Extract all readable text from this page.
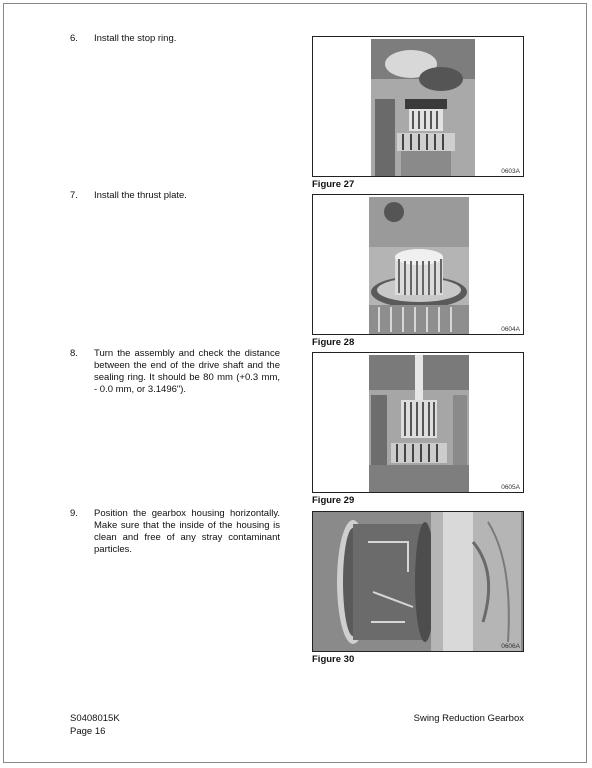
6. Install the stop ring.
7. Install the thrust plate.
8. Turn the assembly and check the distance between the end of the drive shaft and the sealing ring. It should be 80 mm (+0.3 mm, - 0.0 mm, or 3.1496").
9. Position the gearbox housing horizontally. Make sure that the inside of the housing is clean and free of any stray contaminant particles.
0603A
Figure 27
0604A
Figure 28
0605A
Figure 29
0606A
Figure 30
S0408015K
Page 16
Swing Reduction Gearbox
